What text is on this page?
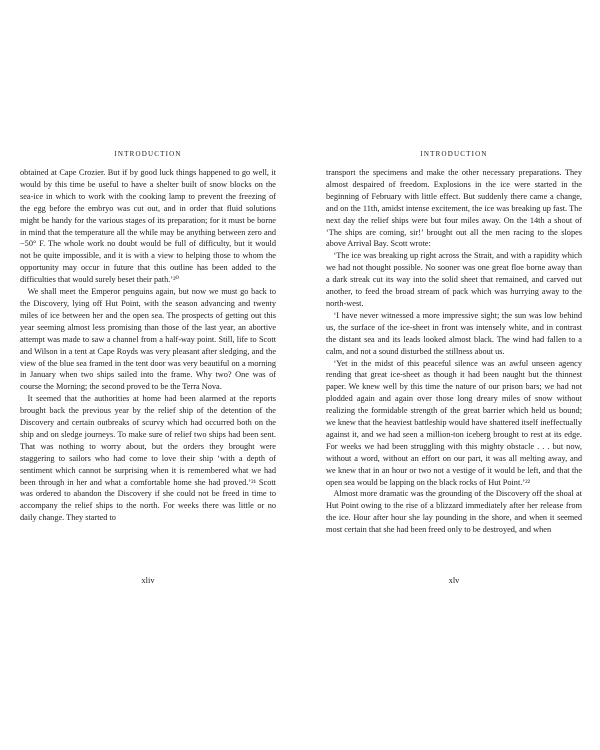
INTRODUCTION

obtained at Cape Crozier. But if by good luck things happened to go well, it would by this time be useful to have a shelter built of snow blocks on the sea-ice in which to work with the cooking lamp to prevent the freezing of the egg before the embryo was cut out, and in order that fluid solutions might be handy for the various stages of its preparation; for it must be borne in mind that the temperature all the while may be anything between zero and −50° F. The whole work no doubt would be full of difficulty, but it would not be quite impossible, and it is with a view to helping those to whom the opportunity may occur in future that this outline has been added to the difficulties that would surely beset their path.’²⁰

We shall meet the Emperor penguins again, but now we must go back to the Discovery, lying off Hut Point, with the season advancing and twenty miles of ice between her and the open sea. The prospects of getting out this year seeming almost less promising than those of the last year, an abortive attempt was made to saw a channel from a half-way point. Still, life to Scott and Wilson in a tent at Cape Royds was very pleasant after sledging, and the view of the blue sea framed in the tent door was very beautiful on a morning in January when two ships sailed into the frame. Why two? One was of course the Morning; the second proved to be the Terra Nova.

It seemed that the authorities at home had been alarmed at the reports brought back the previous year by the relief ship of the detention of the Discovery and certain outbreaks of scurvy which had occurred both on the ship and on sledge journeys. To make sure of relief two ships had been sent. That was nothing to worry about, but the orders they brought were staggering to sailors who had come to love their ship ‘with a depth of sentiment which cannot be surprising when it is remembered what we had been through in her and what a comfortable home she had proved.’²¹ Scott was ordered to abandon the Discovery if she could not be freed in time to accompany the relief ships to the north. For weeks there was little or no daily change. They started to

xliv
INTRODUCTION

transport the specimens and make the other necessary preparations. They almost despaired of freedom. Explosions in the ice were started in the beginning of February with little effect. But suddenly there came a change, and on the 11th, amidst intense excitement, the ice was breaking up fast. The next day the relief ships were but four miles away. On the 14th a shout of ‘The ships are coming, sir!’ brought out all the men racing to the slopes above Arrival Bay. Scott wrote:

‘The ice was breaking up right across the Strait, and with a rapidity which we had not thought possible. No sooner was one great floe borne away than a dark streak cut its way into the solid sheet that remained, and carved out another, to feed the broad stream of pack which was hurrying away to the north-west.

‘I have never witnessed a more impressive sight; the sun was low behind us, the surface of the ice-sheet in front was intensely white, and in contrast the distant sea and its leads looked almost black. The wind had fallen to a calm, and not a sound disturbed the stillness about us.

‘Yet in the midst of this peaceful silence was an awful unseen agency rending that great ice-sheet as though it had been naught but the thinnest paper. We knew well by this time the nature of our prison bars; we had not plodded again and again over those long dreary miles of snow without realizing the formidable strength of the great barrier which held us bound; we knew that the heaviest battleship would have shattered itself ineffectually against it, and we had seen a million-ton iceberg brought to rest at its edge. For weeks we had been struggling with this mighty obstacle . . . but now, without a word, without an effort on our part, it was all melting away, and we knew that in an hour or two not a vestige of it would be left, and that the open sea would be lapping on the black rocks of Hut Point.’²²

Almost more dramatic was the grounding of the Discovery off the shoal at Hut Point owing to the rise of a blizzard immediately after her release from the ice. Hour after hour she lay pounding in the shore, and when it seemed most certain that she had been freed only to be destroyed, and when

xlv
